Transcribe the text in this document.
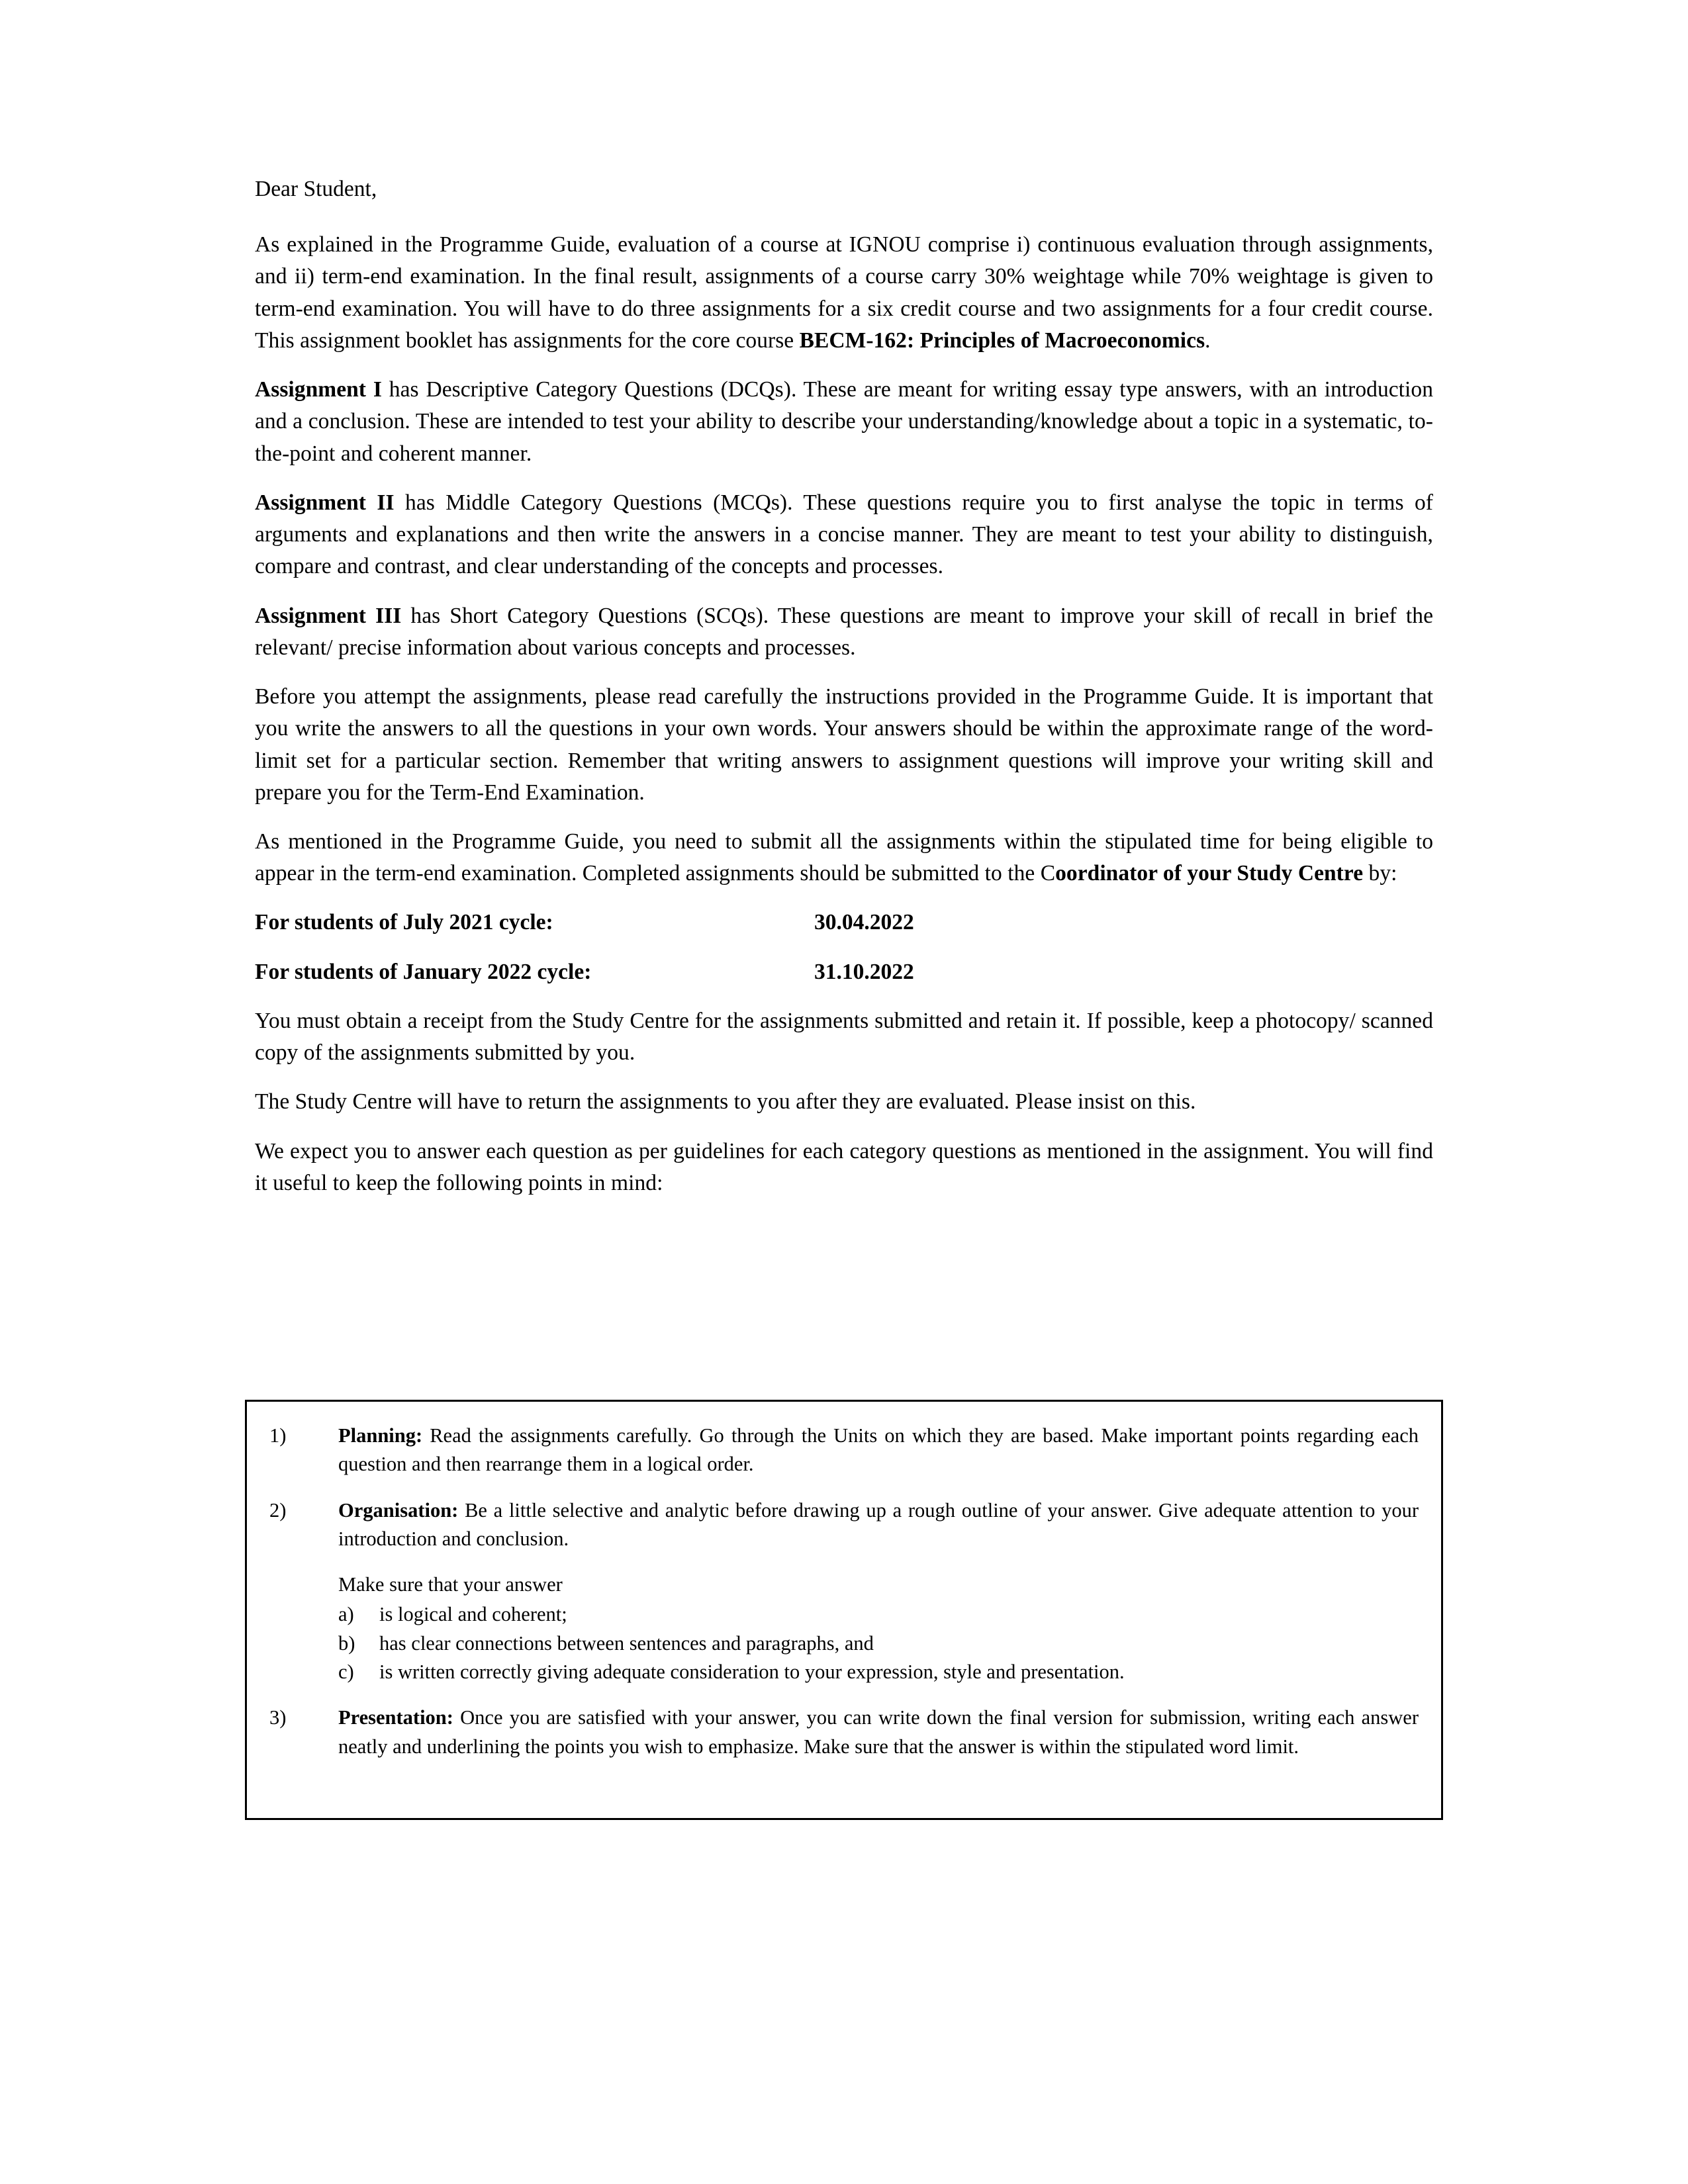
Dear Student,

As explained in the Programme Guide, evaluation of a course at IGNOU comprise i) continuous evaluation through assignments, and ii) term-end examination. In the final result, assignments of a course carry 30% weightage while 70% weightage is given to term-end examination. You will have to do three assignments for a six credit course and two assignments for a four credit course. This assignment booklet has assignments for the core course BECM-162: Principles of Macroeconomics.

Assignment I has Descriptive Category Questions (DCQs). These are meant for writing essay type answers, with an introduction and a conclusion. These are intended to test your ability to describe your understanding/knowledge about a topic in a systematic, to-the-point and coherent manner.

Assignment II has Middle Category Questions (MCQs). These questions require you to first analyse the topic in terms of arguments and explanations and then write the answers in a concise manner. They are meant to test your ability to distinguish, compare and contrast, and clear understanding of the concepts and processes.

Assignment III has Short Category Questions (SCQs). These questions are meant to improve your skill of recall in brief the relevant/ precise information about various concepts and processes.

Before you attempt the assignments, please read carefully the instructions provided in the Programme Guide. It is important that you write the answers to all the questions in your own words. Your answers should be within the approximate range of the word-limit set for a particular section. Remember that writing answers to assignment questions will improve your writing skill and prepare you for the Term-End Examination.

As mentioned in the Programme Guide, you need to submit all the assignments within the stipulated time for being eligible to appear in the term-end examination. Completed assignments should be submitted to the Coordinator of your Study Centre by:

For students of July 2021 cycle:	30.04.2022
For students of January 2022 cycle:	31.10.2022

You must obtain a receipt from the Study Centre for the assignments submitted and retain it. If possible, keep a photocopy/ scanned copy of the assignments submitted by you.

The Study Centre will have to return the assignments to you after they are evaluated. Please insist on this.

We expect you to answer each question as per guidelines for each category questions as mentioned in the assignment. You will find it useful to keep the following points in mind:

1)	Planning: Read the assignments carefully. Go through the Units on which they are based. Make important points regarding each question and then rearrange them in a logical order.
2)	Organisation: Be a little selective and analytic before drawing up a rough outline of your answer. Give adequate attention to your introduction and conclusion.
Make sure that your answer
a)	is logical and coherent;
b)	has clear connections between sentences and paragraphs, and
c)	is written correctly giving adequate consideration to your expression, style and presentation.
3)	Presentation: Once you are satisfied with your answer, you can write down the final version for submission, writing each answer neatly and underlining the points you wish to emphasize. Make sure that the answer is within the stipulated word limit.
